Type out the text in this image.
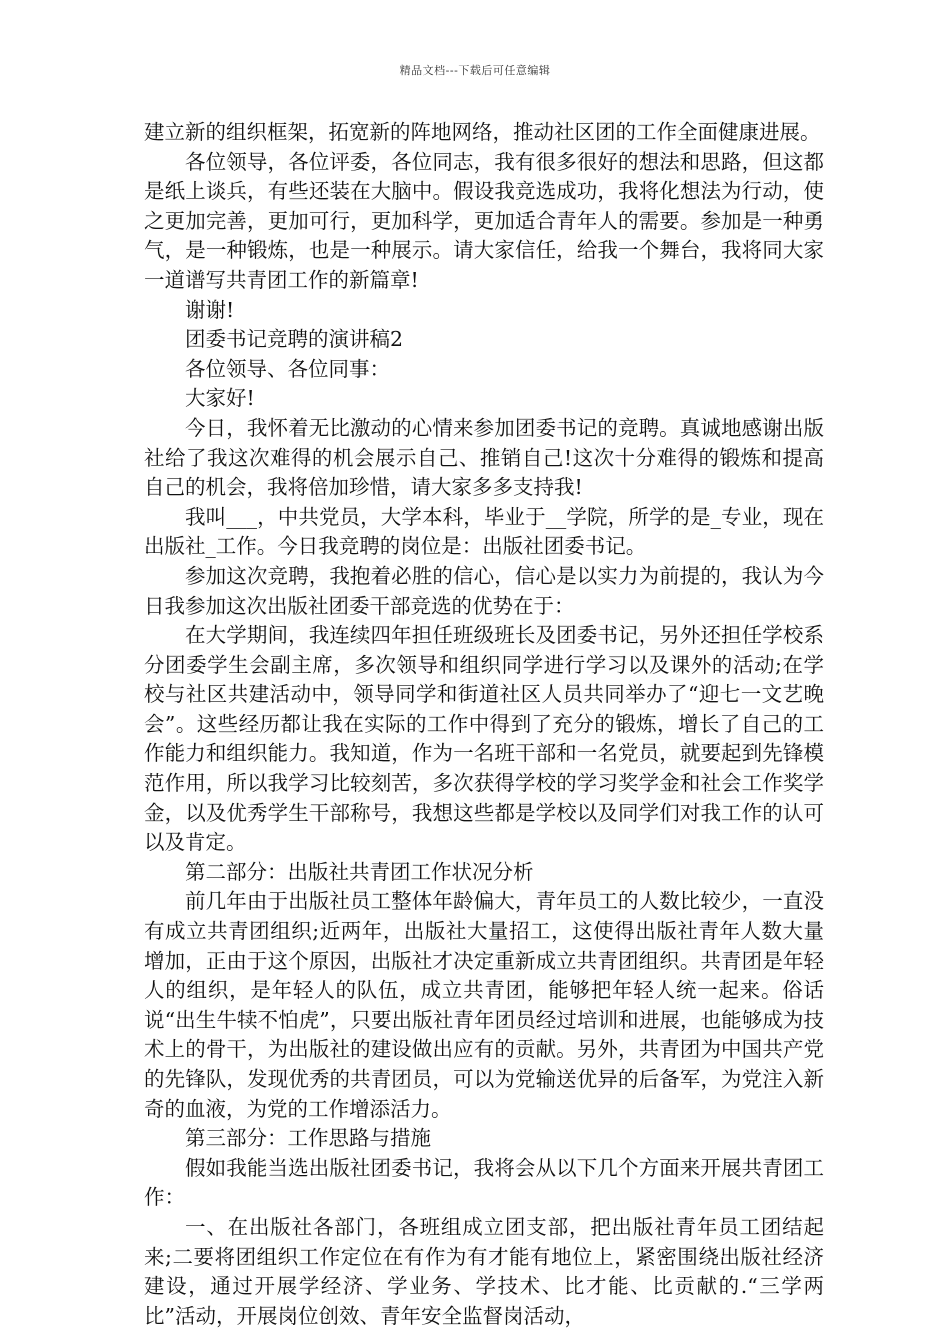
精品文档---下载后可任意编辑

建立新的组织框架，拓宽新的阵地网络，推动社区团的工作全面健康进展。

各位领导，各位评委，各位同志，我有很多很好的想法和思路，但这都是纸上谈兵，有些还装在大脑中。假设我竞选成功，我将化想法为行动，使之更加完善，更加可行，更加科学，更加适合青年人的需要。参加是一种勇气，是一种锻炼，也是一种展示。请大家信任，给我一个舞台，我将同大家一道谱写共青团工作的新篇章!

谢谢!

团委书记竞聘的演讲稿2

各位领导、各位同事：

大家好!

今日，我怀着无比激动的心情来参加团委书记的竞聘。真诚地感谢出版社给了我这次难得的机会展示自己、推销自己!这次十分难得的锻炼和提高自己的机会，我将倍加珍惜，请大家多多支持我!

我叫___，中共党员，大学本科，毕业于__学院，所学的是_专业，现在出版社_工作。今日我竞聘的岗位是：出版社团委书记。

参加这次竞聘，我抱着必胜的信心，信心是以实力为前提的，我认为今日我参加这次出版社团委干部竞选的优势在于：

在大学期间，我连续四年担任班级班长及团委书记，另外还担任学校系分团委学生会副主席，多次领导和组织同学进行学习以及课外的活动;在学校与社区共建活动中，领导同学和街道社区人员共同举办了“迎七一文艺晚会”。这些经历都让我在实际的工作中得到了充分的锻炼，增长了自己的工作能力和组织能力。我知道，作为一名班干部和一名党员，就要起到先锋模范作用，所以我学习比较刻苦，多次获得学校的学习奖学金和社会工作奖学金，以及优秀学生干部称号，我想这些都是学校以及同学们对我工作的认可以及肯定。

第二部分：出版社共青团工作状况分析

前几年由于出版社员工整体年龄偏大，青年员工的人数比较少，一直没有成立共青团组织;近两年，出版社大量招工，这使得出版社青年人数大量增加，正由于这个原因，出版社才决定重新成立共青团组织。共青团是年轻人的组织，是年轻人的队伍，成立共青团，能够把年轻人统一起来。俗话说“出生牛犊不怕虎”，只要出版社青年团员经过培训和进展，也能够成为技术上的骨干，为出版社的建设做出应有的贡献。另外，共青团为中国共产党的先锋队，发现优秀的共青团员，可以为党输送优异的后备军，为党注入新奇的血液，为党的工作增添活力。

第三部分：工作思路与措施

假如我能当选出版社团委书记，我将会从以下几个方面来开展共青团工作：

一、在出版社各部门，各班组成立团支部，把出版社青年员工团结起来;二要将团组织工作定位在有作为有才能有地位上，紧密围绕出版社经济建设，通过开展学经济、学业务、学技术、比才能、比贡献的.“三学两比”活动，开展岗位创效、青年安全监督岗活动，
